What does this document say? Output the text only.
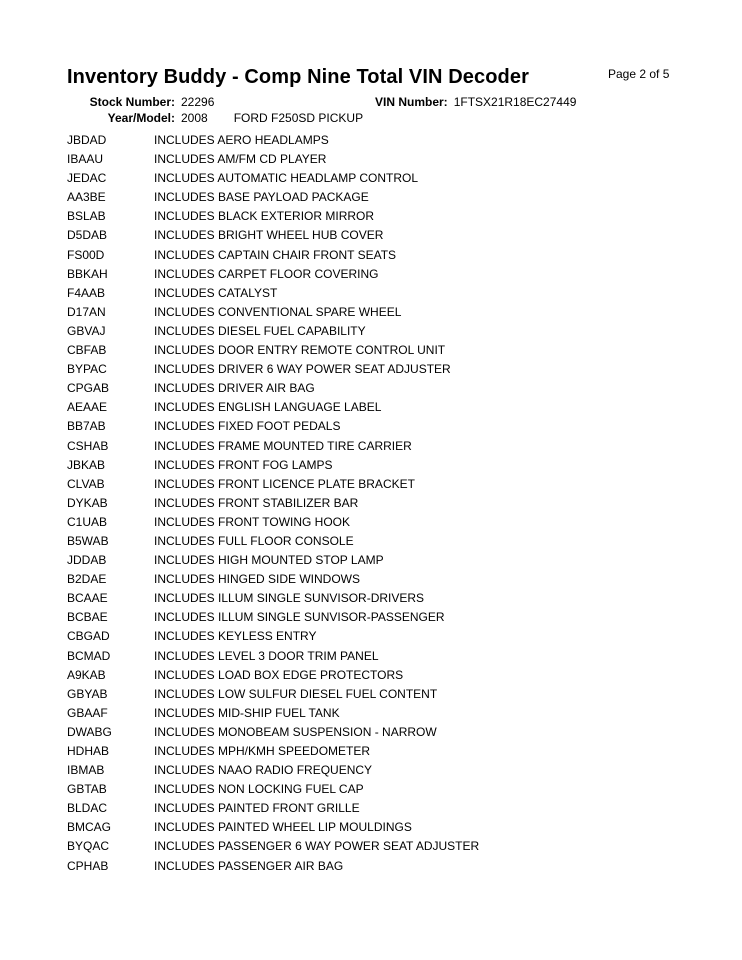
Inventory Buddy - Comp Nine Total VIN Decoder	Page 2 of 5
Stock Number: 22296	VIN Number: 1FTSX21R18EC27449
Year/Model: 2008 FORD F250SD PICKUP
JBDAD	INCLUDES AERO HEADLAMPS
IBAAU	INCLUDES AM/FM CD PLAYER
JEDAC	INCLUDES AUTOMATIC HEADLAMP CONTROL
AA3BE	INCLUDES BASE PAYLOAD PACKAGE
BSLAB	INCLUDES BLACK EXTERIOR MIRROR
D5DAB	INCLUDES BRIGHT WHEEL HUB COVER
FS00D	INCLUDES CAPTAIN CHAIR FRONT SEATS
BBKAH	INCLUDES CARPET FLOOR COVERING
F4AAB	INCLUDES CATALYST
D17AN	INCLUDES CONVENTIONAL SPARE WHEEL
GBVAJ	INCLUDES DIESEL FUEL CAPABILITY
CBFAB	INCLUDES DOOR ENTRY REMOTE CONTROL UNIT
BYPAC	INCLUDES DRIVER 6 WAY POWER SEAT ADJUSTER
CPGAB	INCLUDES DRIVER AIR BAG
AEAAE	INCLUDES ENGLISH LANGUAGE LABEL
BB7AB	INCLUDES FIXED FOOT PEDALS
CSHAB	INCLUDES FRAME MOUNTED TIRE CARRIER
JBKAB	INCLUDES FRONT FOG LAMPS
CLVAB	INCLUDES FRONT LICENCE PLATE BRACKET
DYKAB	INCLUDES FRONT STABILIZER BAR
C1UAB	INCLUDES FRONT TOWING HOOK
B5WAB	INCLUDES FULL FLOOR CONSOLE
JDDAB	INCLUDES HIGH MOUNTED STOP LAMP
B2DAE	INCLUDES HINGED SIDE WINDOWS
BCAAE	INCLUDES ILLUM SINGLE SUNVISOR-DRIVERS
BCBAE	INCLUDES ILLUM SINGLE SUNVISOR-PASSENGER
CBGAD	INCLUDES KEYLESS ENTRY
BCMAD	INCLUDES LEVEL 3 DOOR TRIM PANEL
A9KAB	INCLUDES LOAD BOX EDGE PROTECTORS
GBYAB	INCLUDES LOW SULFUR DIESEL FUEL CONTENT
GBAAF	INCLUDES MID-SHIP FUEL TANK
DWABG	INCLUDES MONOBEAM SUSPENSION - NARROW
HDHAB	INCLUDES MPH/KMH SPEEDOMETER
IBMAB	INCLUDES NAAO RADIO FREQUENCY
GBTAB	INCLUDES NON LOCKING FUEL CAP
BLDAC	INCLUDES PAINTED FRONT GRILLE
BMCAG	INCLUDES PAINTED WHEEL LIP MOULDINGS
BYQAC	INCLUDES PASSENGER 6 WAY POWER SEAT ADJUSTER
CPHAB	INCLUDES PASSENGER AIR BAG
